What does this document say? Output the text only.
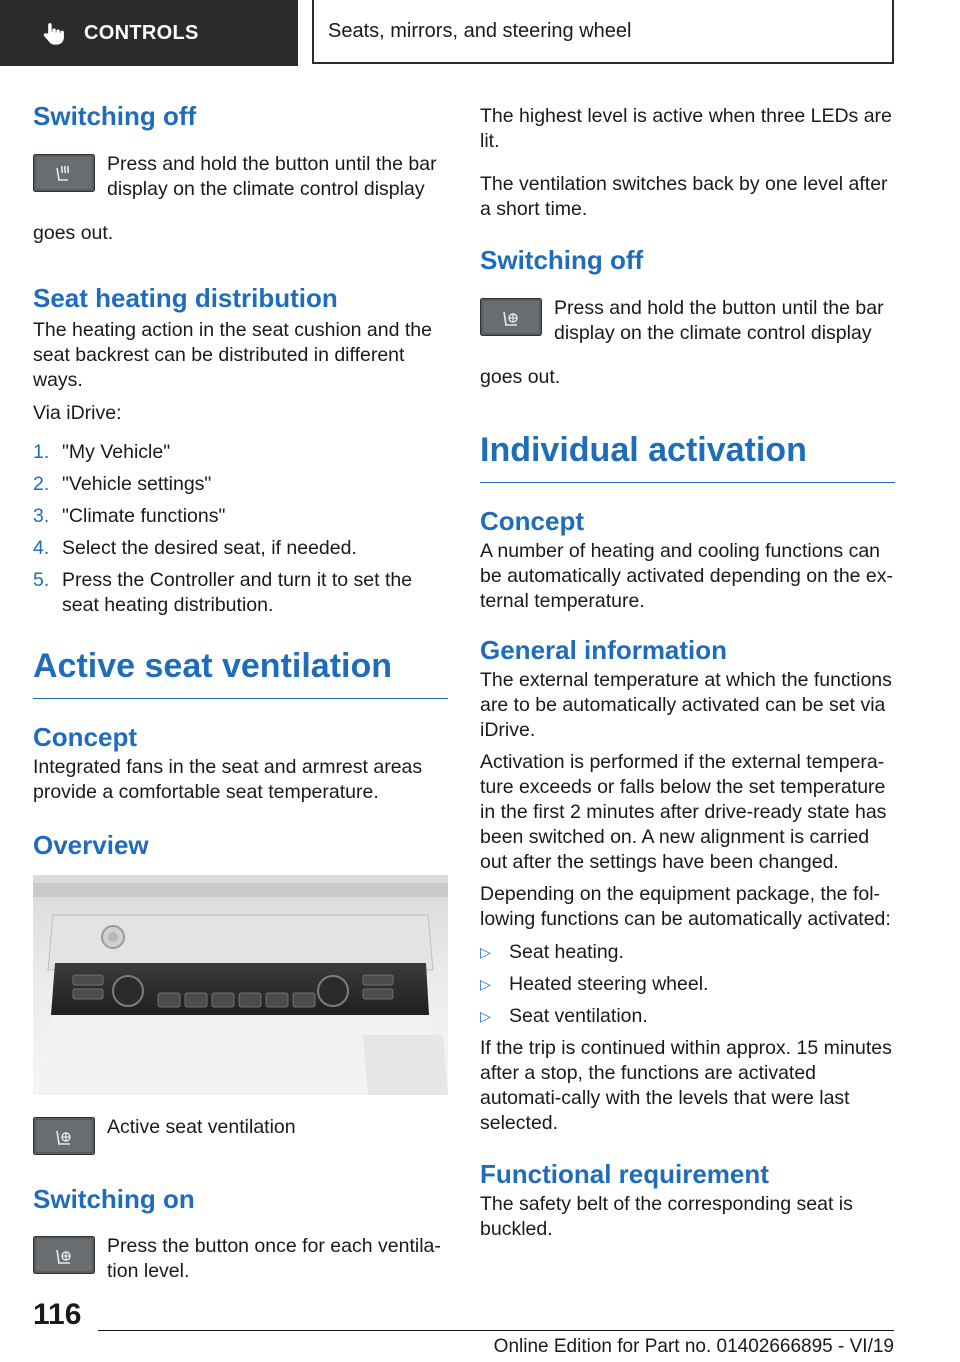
CONTROLS	Seats, mirrors, and steering wheel
Switching off

Press and hold the button until the bar display on the climate control display

goes out.

Seat heating distribution

The heating action in the seat cushion and the seat backrest can be distributed in different ways.

Via iDrive:

1. "My Vehicle"
2. "Vehicle settings"
3. "Climate functions"
4. Select the desired seat, if needed.
5. Press the Controller and turn it to set the seat heating distribution.
Active seat ventilation
Concept

Integrated fans in the seat and armrest areas provide a comfortable seat temperature.

Overview

Active seat ventilation

Switching on

Press the button once for each ventila-tion level.

The highest level is active when three LEDs are lit.

The ventilation switches back by one level after a short time.

Switching off

Press and hold the button until the bar display on the climate control display

goes out.

Individual activation
Concept

A number of heating and cooling functions can be automatically activated depending on the ex-ternal temperature.

General information

The external temperature at which the functions are to be automatically activated can be set via iDrive.

Activation is performed if the external tempera-ture exceeds or falls below the set temperature in the first 2 minutes after drive-ready state has been switched on. A new alignment is carried out after the settings have been changed.

Depending on the equipment package, the fol-lowing functions can be automatically activated:

▷ Seat heating.
▷ Heated steering wheel.
▷ Seat ventilation.

If the trip is continued within approx. 15 minutes after a stop, the functions are activated automati-cally with the levels that were last selected.

Functional requirement

The safety belt of the corresponding seat is buckled.

116
Online Edition for Part no. 01402666895 - VI/19
